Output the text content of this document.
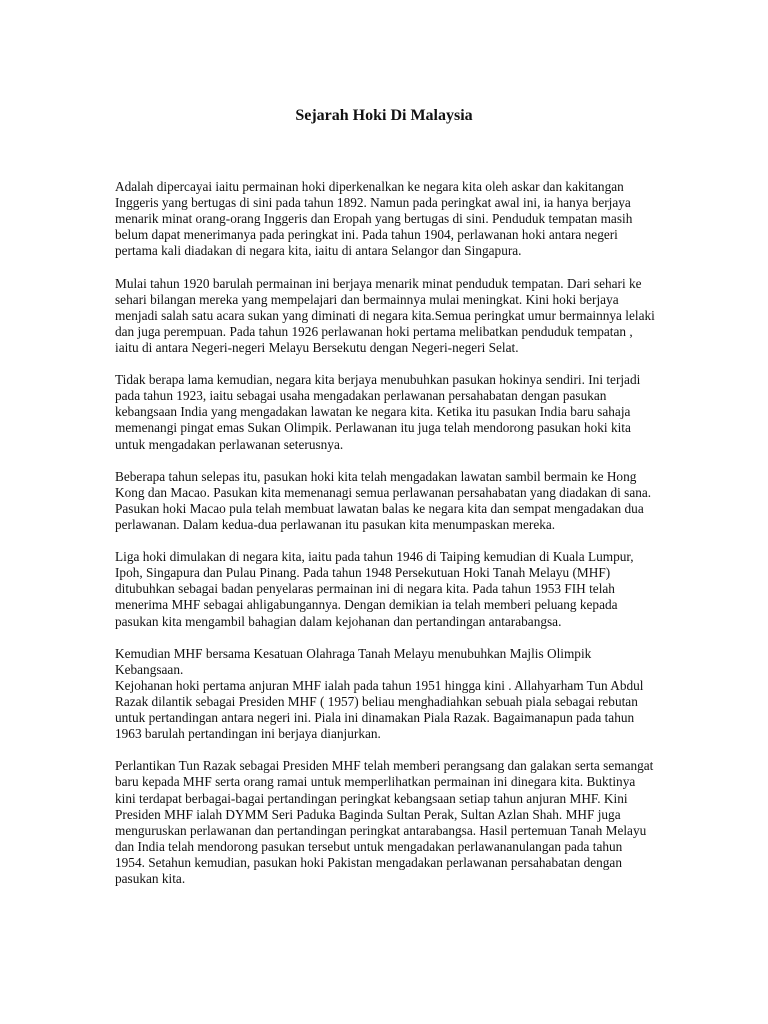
Sejarah Hoki Di Malaysia

Adalah dipercayai iaitu permainan hoki diperkenalkan ke negara kita oleh askar dan kakitangan Inggeris yang bertugas di sini pada tahun 1892. Namun pada peringkat awal ini, ia hanya berjaya menarik minat orang-orang Inggeris dan Eropah yang bertugas di sini. Penduduk tempatan masih belum dapat menerimanya pada peringkat ini. Pada tahun 1904, perlawanan hoki antara negeri pertama kali diadakan di negara kita, iaitu di antara Selangor dan Singapura.

Mulai tahun 1920 barulah permainan ini berjaya menarik minat penduduk tempatan. Dari sehari ke sehari bilangan mereka yang mempelajari dan bermainnya mulai meningkat. Kini hoki berjaya menjadi salah satu acara sukan yang diminati di negara kita.Semua peringkat umur bermainnya lelaki dan juga perempuan. Pada tahun 1926 perlawanan hoki pertama melibatkan penduduk tempatan , iaitu di antara Negeri-negeri Melayu Bersekutu dengan Negeri-negeri Selat.

Tidak berapa lama kemudian, negara kita berjaya menubuhkan pasukan hokinya sendiri. Ini terjadi pada tahun 1923, iaitu sebagai usaha mengadakan perlawanan persahabatan dengan pasukan kebangsaan India yang mengadakan lawatan ke negara kita. Ketika itu pasukan India baru sahaja memenangi pingat emas Sukan Olimpik. Perlawanan itu juga telah mendorong pasukan hoki kita untuk mengadakan perlawanan seterusnya.

Beberapa tahun selepas itu, pasukan hoki kita telah mengadakan lawatan sambil bermain ke Hong Kong dan Macao. Pasukan kita memenanagi semua perlawanan persahabatan yang diadakan di sana. Pasukan hoki Macao pula telah membuat lawatan balas ke negara kita dan sempat mengadakan dua perlawanan. Dalam kedua-dua perlawanan itu pasukan kita menumpaskan mereka.

Liga hoki dimulakan di negara kita, iaitu pada tahun 1946 di Taiping kemudian di Kuala Lumpur, Ipoh, Singapura dan Pulau Pinang. Pada tahun 1948 Persekutuan Hoki Tanah Melayu (MHF) ditubuhkan sebagai badan penyelaras permainan ini di negara kita. Pada tahun 1953 FIH telah menerima MHF sebagai ahligabungannya. Dengan demikian ia telah memberi peluang kepada pasukan kita mengambil bahagian dalam kejohanan dan pertandingan antarabangsa.

Kemudian MHF bersama Kesatuan Olahraga Tanah Melayu menubuhkan Majlis Olimpik Kebangsaan.

Kejohanan hoki pertama anjuran MHF ialah pada tahun 1951 hingga kini . Allahyarham Tun Abdul Razak dilantik sebagai Presiden MHF ( 1957) beliau menghadiahkan sebuah piala sebagai rebutan untuk pertandingan antara negeri ini. Piala ini dinamakan Piala Razak. Bagaimanapun pada tahun 1963 barulah pertandingan ini berjaya dianjurkan.

Perlantikan Tun Razak sebagai Presiden MHF telah memberi perangsang dan galakan serta semangat baru kepada MHF serta orang ramai untuk memperlihatkan permainan ini dinegara kita. Buktinya kini terdapat berbagai-bagai pertandingan peringkat kebangsaan setiap tahun anjuran MHF. Kini Presiden MHF ialah DYMM Seri Paduka Baginda Sultan Perak, Sultan Azlan Shah. MHF juga menguruskan perlawanan dan pertandingan peringkat antarabangsa. Hasil pertemuan Tanah Melayu dan India telah mendorong pasukan tersebut untuk mengadakan perlawananulangan pada tahun 1954. Setahun kemudian, pasukan hoki Pakistan mengadakan perlawanan persahabatan dengan pasukan kita.
